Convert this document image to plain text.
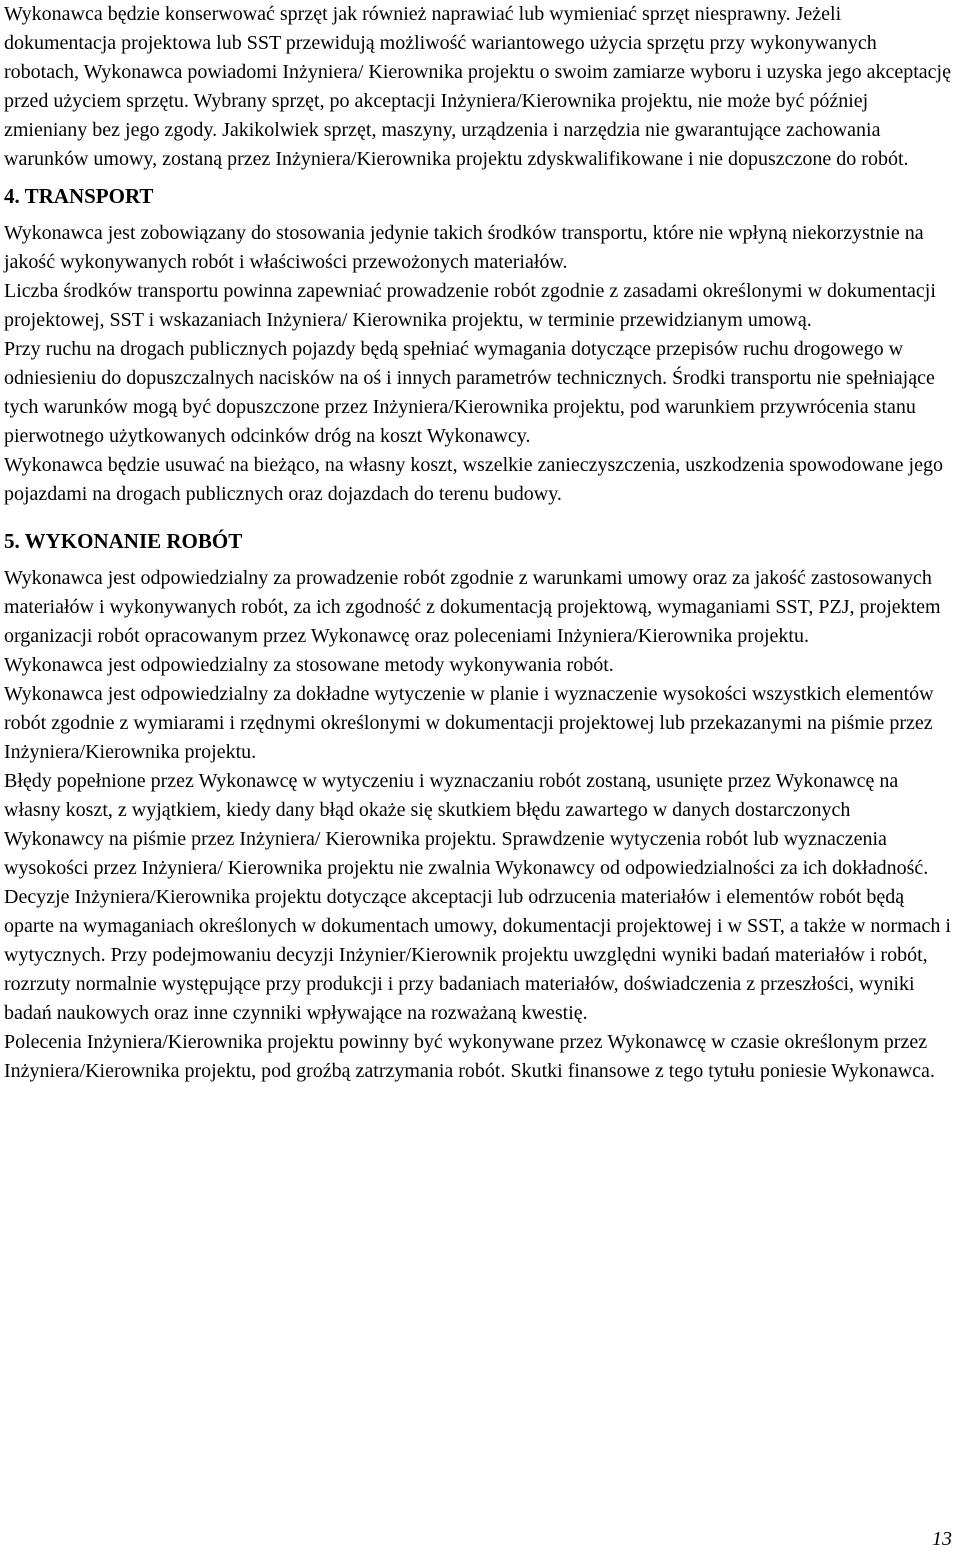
Wykonawca będzie konserwować sprzęt jak również naprawiać lub wymieniać sprzęt niesprawny. Jeżeli dokumentacja projektowa lub SST przewidują możliwość wariantowego użycia sprzętu przy wykonywanych robotach, Wykonawca powiadomi Inżyniera/ Kierownika projektu o swoim zamiarze wyboru i uzyska jego akceptację przed użyciem sprzętu. Wybrany sprzęt, po akceptacji Inżyniera/Kierownika projektu, nie może być później zmieniany bez jego zgody. Jakikolwiek sprzęt, maszyny, urządzenia i narzędzia nie gwarantujące zachowania warunków umowy, zostaną przez Inżyniera/Kierownika projektu zdyskwalifikowane i nie dopuszczone do robót.

4. TRANSPORT

Wykonawca jest zobowiązany do stosowania jedynie takich środków transportu, które nie wpłyną niekorzystnie na jakość wykonywanych robót i właściwości przewożonych materiałów.

Liczba środków transportu powinna zapewniać prowadzenie robót zgodnie z zasadami określonymi w dokumentacji projektowej, SST i wskazaniach Inżyniera/ Kierownika projektu, w terminie przewidzianym umową.

Przy ruchu na drogach publicznych pojazdy będą spełniać wymagania dotyczące przepisów ruchu drogowego w odniesieniu do dopuszczalnych nacisków na oś i innych parametrów technicznych. Środki transportu nie spełniające tych warunków mogą być dopuszczone przez Inżyniera/Kierownika projektu, pod warunkiem przywrócenia stanu pierwotnego użytkowanych odcinków dróg na koszt Wykonawcy.

Wykonawca będzie usuwać na bieżąco, na własny koszt, wszelkie zanieczyszczenia, uszkodzenia spowodowane jego pojazdami na drogach publicznych oraz dojazdach do terenu budowy.

5. WYKONANIE ROBÓT

Wykonawca jest odpowiedzialny za prowadzenie robót zgodnie z warunkami umowy oraz za jakość zastosowanych materiałów i wykonywanych robót, za ich zgodność z dokumentacją projektową, wymaganiami SST, PZJ, projektem organizacji robót opracowanym przez Wykonawcę oraz poleceniami Inżyniera/Kierownika projektu.

Wykonawca jest odpowiedzialny za stosowane metody wykonywania robót.

Wykonawca jest odpowiedzialny za dokładne wytyczenie w planie i wyznaczenie wysokości wszystkich elementów robót zgodnie z wymiarami i rzędnymi określonymi w dokumentacji projektowej lub przekazanymi na piśmie przez Inżyniera/Kierownika projektu.

Błędy popełnione przez Wykonawcę w wytyczeniu i wyznaczaniu robót zostaną, usunięte przez Wykonawcę na własny koszt, z wyjątkiem, kiedy dany błąd okaże się skutkiem błędu zawartego w danych dostarczonych Wykonawcy na piśmie przez Inżyniera/ Kierownika projektu. Sprawdzenie wytyczenia robót lub wyznaczenia wysokości przez Inżyniera/ Kierownika projektu nie zwalnia Wykonawcy od odpowiedzialności za ich dokładność.

Decyzje Inżyniera/Kierownika projektu dotyczące akceptacji lub odrzucenia materiałów i elementów robót będą oparte na wymaganiach określonych w dokumentach umowy, dokumentacji projektowej i w SST, a także w normach i wytycznych. Przy podejmowaniu decyzji Inżynier/Kierownik projektu uwzględni wyniki badań materiałów i robót, rozrzuty normalnie występujące przy produkcji i przy badaniach materiałów, doświadczenia z przeszłości, wyniki badań naukowych oraz inne czynniki wpływające na rozważaną kwestię.

Polecenia Inżyniera/Kierownika projektu powinny być wykonywane przez Wykonawcę w czasie określonym przez Inżyniera/Kierownika projektu, pod groźbą zatrzymania robót. Skutki finansowe z tego tytułu poniesie Wykonawca.

13
